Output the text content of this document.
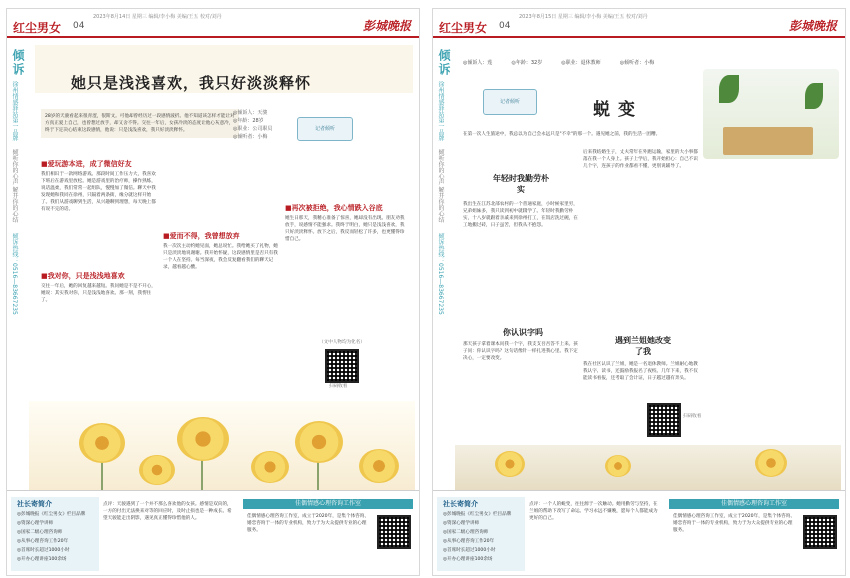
红尘男女 04
2023年8月14日 星期三 编辑/李小梅 美编/王五 校对/刘丹
彭城晚报
倾诉
徐州情感驿站第一品牌
倾听你的心声 解开你的心结
倾诉热线：0516—83667235
她只是浅浅喜欢，我只好淡淡释怀
28岁的天骏看起来很青涩，很斯文。可他却曾经历过一段感情波折。他不知道该怎样才能让对方真正爱上自己，也曾想过放手，却又舍不得。交往一年后，女孩冷淡的态度让他心灰意冷，终于下定决心结束这段感情，他说：只是浅浅喜欢，我只好淡淡释怀。
◎倾诉人：天骏
◎年龄：28岁
◎职业：公司职员
◎倾听者：小梅
记者倾听
■爱玩游本进，成了微信好友
我们相识于一款网络游戏。那段时间工作压力大，我喜欢下班后在游戏里放松。她是游戏里的治疗师，操作熟练，说话温柔，我们常常一起组队，慢慢加了微信。聊天中我发现她和我同在徐州，只隔着两条街，缘分就这样开始了。我们从游戏聊到生活，从兴趣聊到理想，每天晚上都有说不完的话。
■我对你，只是浅浅地喜欢
交往一年后，她的回复越来越短。我问她是不是不开心，她说：其实我对你，只是浅浅地喜欢。那一刻，我愣住了。
■爱而不得，我曾想放弃
我一次次主动约她见面，她总说忙。我给她买了礼物，她只是淡淡地说谢谢。我开始怀疑，这段感情里是否只有我一个人在坚持。每当深夜，我会反复翻看我们的聊天记录，越看越心酸。
■再次被拒绝，我心情跌入谷底
她生日那天，我精心准备了惊喜，她却没有出现。朋友劝我放手，说感情不能强求。我终于明白，她只是浅浅喜欢，我只好淡淡释怀。放下之后，我反而轻松了许多，也更懂得珍惜自己。
（文中人物均为化名）
扫码收看
社长寄简介
◎彭城晚报《红尘男女》栏目品牌
◎资深心理学讲师
◎国家二级心理咨询师
◎从事心理咨询工作20年
◎首席时长超过1000小时
◎开办心理讲座100余场
点评：天骏遇到了一个并不那么喜欢他的女孩。感情是双向的，一方的付出无法换来对等的回应时，及时止损也是一种成长。希望天骏能走出阴影，遇见真正懂得珍惜他的人。
佳偶情感心理咨询工作室
佳偶情感心理咨询工作室，成立于2020年，是集个体咨询、婚恋咨询于一体的专业机构，致力于为大众提供专业的心理服务。
红尘男女 04
2023年8月15日 星期三 编辑/李小梅 美编/王五 校对/刘丹
彭城晚报
倾诉
徐州情感驿站第一品牌
倾听你的心声 解开你的心结
倾诉热线：0516—83667235
◎倾诉人：莲	◎年龄：32岁	◎职业：退休教师	◎倾听者：小梅
记者倾听	蜕变
在第一次人生旅途中，我总以为自己会永远只是"不幸"的那一个。遇见她之前，我的生活一团糟。
年轻时我勤劳朴实
我出生在江苏北部农村的一个普通家庭，小时候家里穷，兄弟姐妹多，我只读到初中就辍学了。年轻时我勤劳朴实，十八岁就跟着亲戚来到徐州打工，在饭店洗过碗，在工地搬过砖，日子虽苦，但我从不抱怨。
你认识字吗
那天孩子拿着课本问我一个字，我支支吾吾答不上来。孩子问：你认识字吗？这句话像针一样扎进我心里。我下定决心，一定要改变。
后来我结婚生子，丈夫常年在外跑运输，家里的大小事都落在我一个人身上。孩子上学后，我开始担心：自己不识几个字，连孩子的作业都看不懂，更别说辅导了。
遇到兰姐她改变了我
我在社区认识了兰姐，她是一名退休教师。兰姐耐心地教我认字、读书，还鼓励我报名了夜校。几年下来，我不仅能读书看报，还考取了会计证，日子越过越有奔头。
扫码收看
社长寄简介
◎彭城晚报《红尘男女》栏目品牌
◎资深心理学讲师
◎国家二级心理咨询师
◎从事心理咨询工作20年
◎首席时长超过1000小时
◎开办心理讲座100余场
点评：一个人的蜕变，往往源于一次触动。她用勤劳与坚持，在兰姐的帮助下改写了命运。学习永远不嫌晚，愿每个人都能成为更好的自己。
佳偶情感心理咨询工作室
佳偶情感心理咨询工作室，成立于2020年，是集个体咨询、婚恋咨询于一体的专业机构，致力于为大众提供专业的心理服务。
